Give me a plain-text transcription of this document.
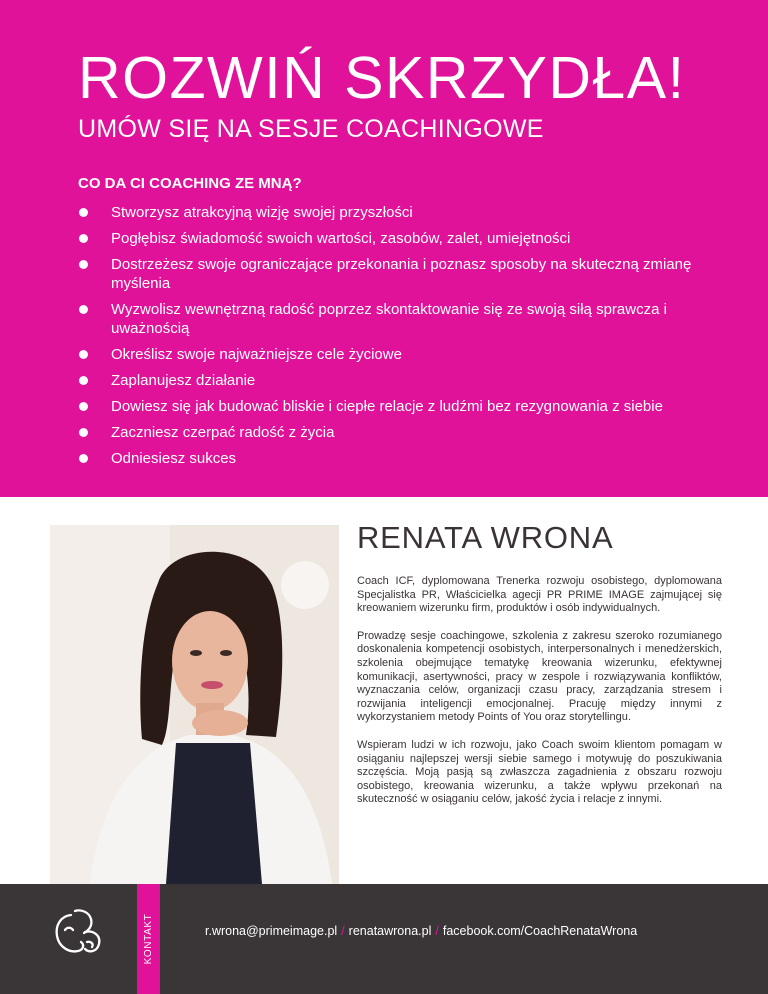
ROZWIŃ SKRZYDŁA!
UMÓW SIĘ NA SESJE COACHINGOWE
CO DA CI COACHING ZE MNĄ?
Stworzysz atrakcyjną wizję swojej przyszłości
Pogłębisz świadomość swoich wartości, zasobów, zalet, umiejętności
Dostrzeżesz swoje ograniczające przekonania i poznasz sposoby na skuteczną zmianę myślenia
Wyzwolisz wewnętrzną radość poprzez skontaktowanie się ze swoją siłą sprawcza i uważnością
Określisz swoje najważniejsze cele życiowe
Zaplanujesz działanie
Dowiesz się jak budować bliskie i ciepłe relacje z ludźmi bez rezygnowania z siebie
Zaczniesz czerpać radość z życia
Odniesiesz sukces
RENATA WRONA

Coach ICF, dyplomowana Trenerka rozwoju osobistego, dyplomowana Specjalistka PR, Właścicielka agecji PR PRIME IMAGE zajmującej się kreowaniem wizerunku firm, produktów i osób indywidualnych.

Prowadzę sesje coachingowe, szkolenia z zakresu szeroko rozumianego doskonalenia kompetencji osobistych, interpersonalnych i menedżerskich, szkolenia obejmujące tematykę kreowania wizerunku, efektywnej komunikacji, asertywności, pracy w zespole i rozwiązywania konfliktów, wyznaczania celów, organizacji czasu pracy, zarządzania stresem i rozwijania inteligencji emocjonalnej. Pracuję między innymi z wykorzystaniem metody Points of You oraz storytellingu.

Wspieram ludzi w ich rozwoju, jako Coach swoim klientom pomagam w osiąganiu najlepszej wersji siebie samego i motywuję do poszukiwania szczęścia. Moją pasją są zwłaszcza zagadnienia z obszaru rozwoju osobistego, kreowania wizerunku, a także wpływu przekonań na skuteczność w osiąganiu celów, jakość życia i relacje z innymi.

KONTAKT	r.wrona@primeimage.pl / renatawrona.pl / facebook.com/CoachRenataWrona
